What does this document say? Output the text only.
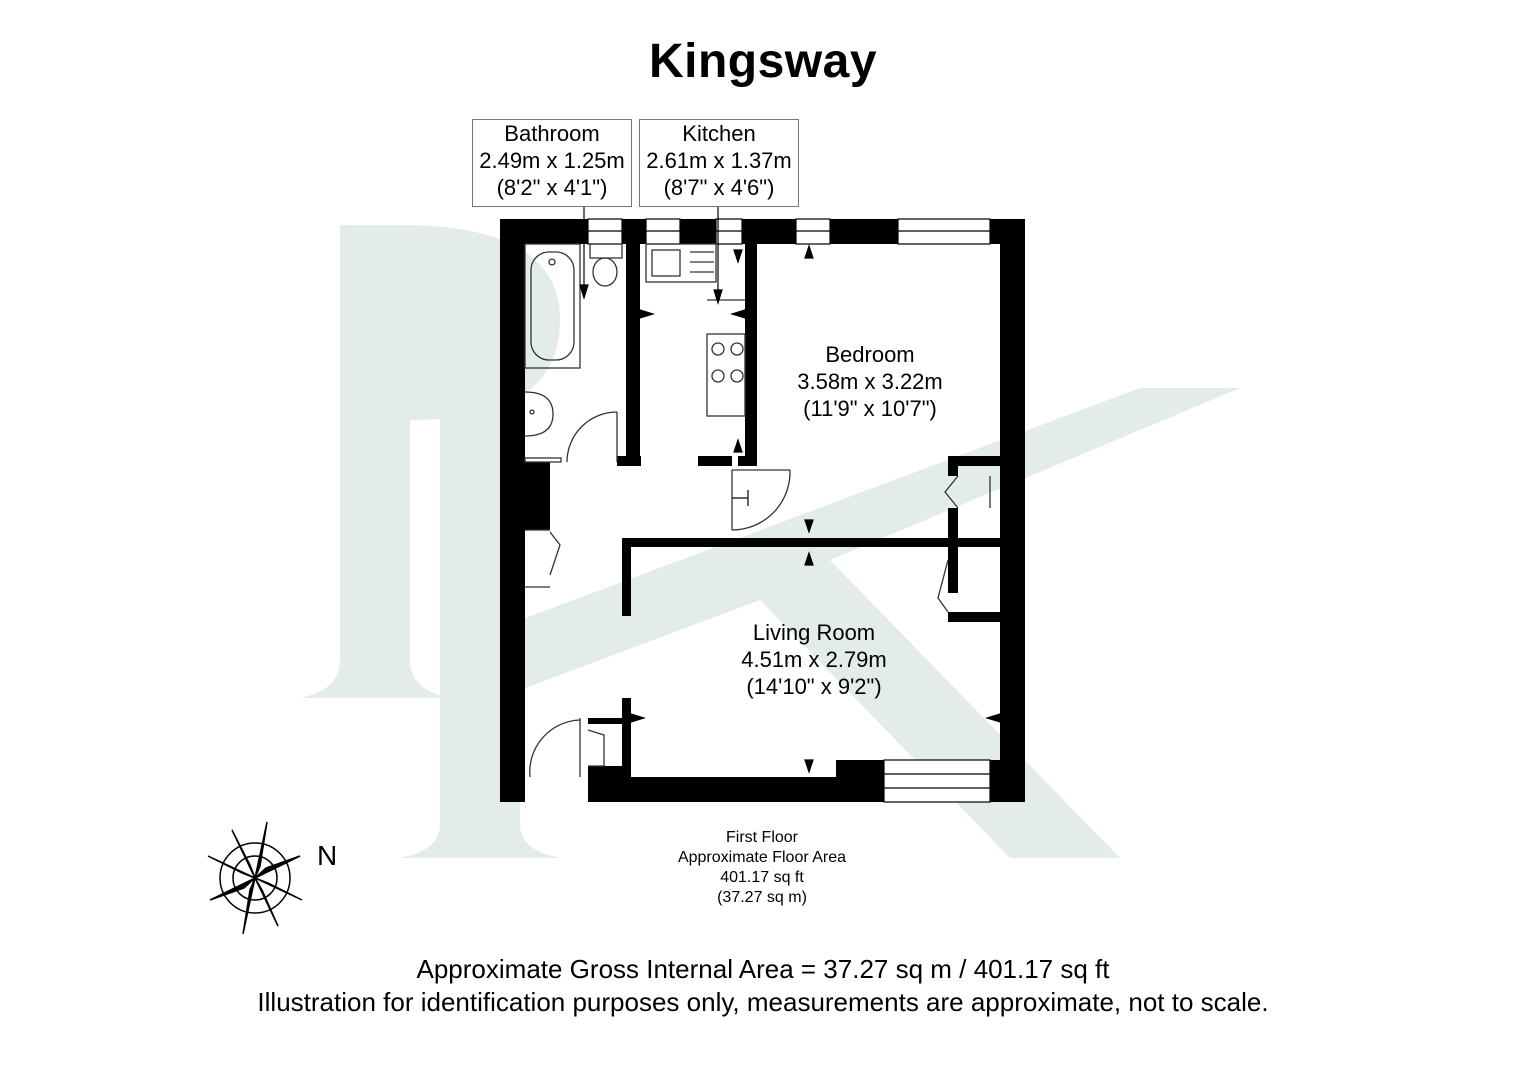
Kingsway
Bathroom
2.49m x 1.25m
(8'2" x 4'1")
Kitchen
2.61m x 1.37m
(8'7" x 4'6")
Bedroom
3.58m x 3.22m
(11'9" x 10'7")
Living Room
4.51m x 2.79m
(14'10" x 9'2")
First Floor
Approximate Floor Area
401.17 sq ft
(37.27 sq m)
N
Approximate Gross Internal Area = 37.27 sq m / 401.17 sq ft
Illustration for identification purposes only, measurements are approximate, not to scale.
